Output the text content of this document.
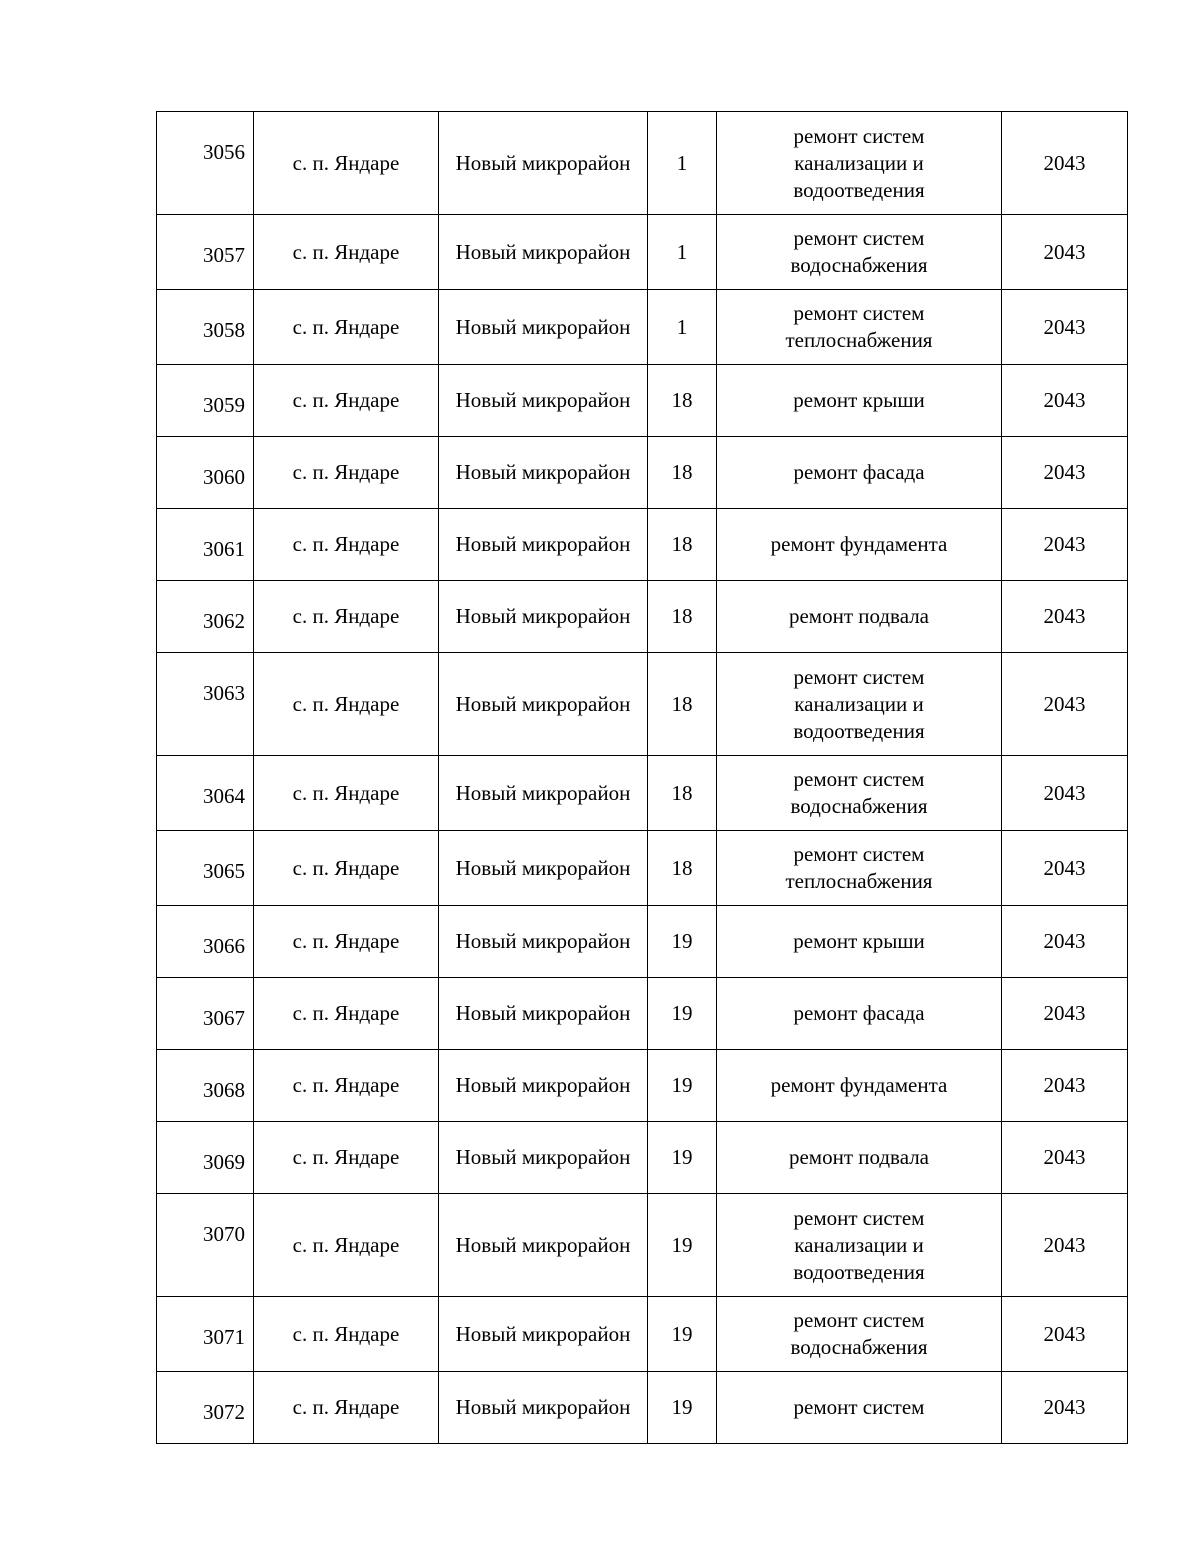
3056	с. п. Яндаре	Новый микрорайон	1	ремонт систем канализации и водоотведения	2043
3057	с. п. Яндаре	Новый микрорайон	1	ремонт систем водоснабжения	2043
3058	с. п. Яндаре	Новый микрорайон	1	ремонт систем теплоснабжения	2043
3059	с. п. Яндаре	Новый микрорайон	18	ремонт крыши	2043
3060	с. п. Яндаре	Новый микрорайон	18	ремонт фасада	2043
3061	с. п. Яндаре	Новый микрорайон	18	ремонт фундамента	2043
3062	с. п. Яндаре	Новый микрорайон	18	ремонт подвала	2043
3063	с. п. Яндаре	Новый микрорайон	18	ремонт систем канализации и водоотведения	2043
3064	с. п. Яндаре	Новый микрорайон	18	ремонт систем водоснабжения	2043
3065	с. п. Яндаре	Новый микрорайон	18	ремонт систем теплоснабжения	2043
3066	с. п. Яндаре	Новый микрорайон	19	ремонт крыши	2043
3067	с. п. Яндаре	Новый микрорайон	19	ремонт фасада	2043
3068	с. п. Яндаре	Новый микрорайон	19	ремонт фундамента	2043
3069	с. п. Яндаре	Новый микрорайон	19	ремонт подвала	2043
3070	с. п. Яндаре	Новый микрорайон	19	ремонт систем канализации и водоотведения	2043
3071	с. п. Яндаре	Новый микрорайон	19	ремонт систем водоснабжения	2043
3072	с. п. Яндаре	Новый микрорайон	19	ремонт систем	2043
